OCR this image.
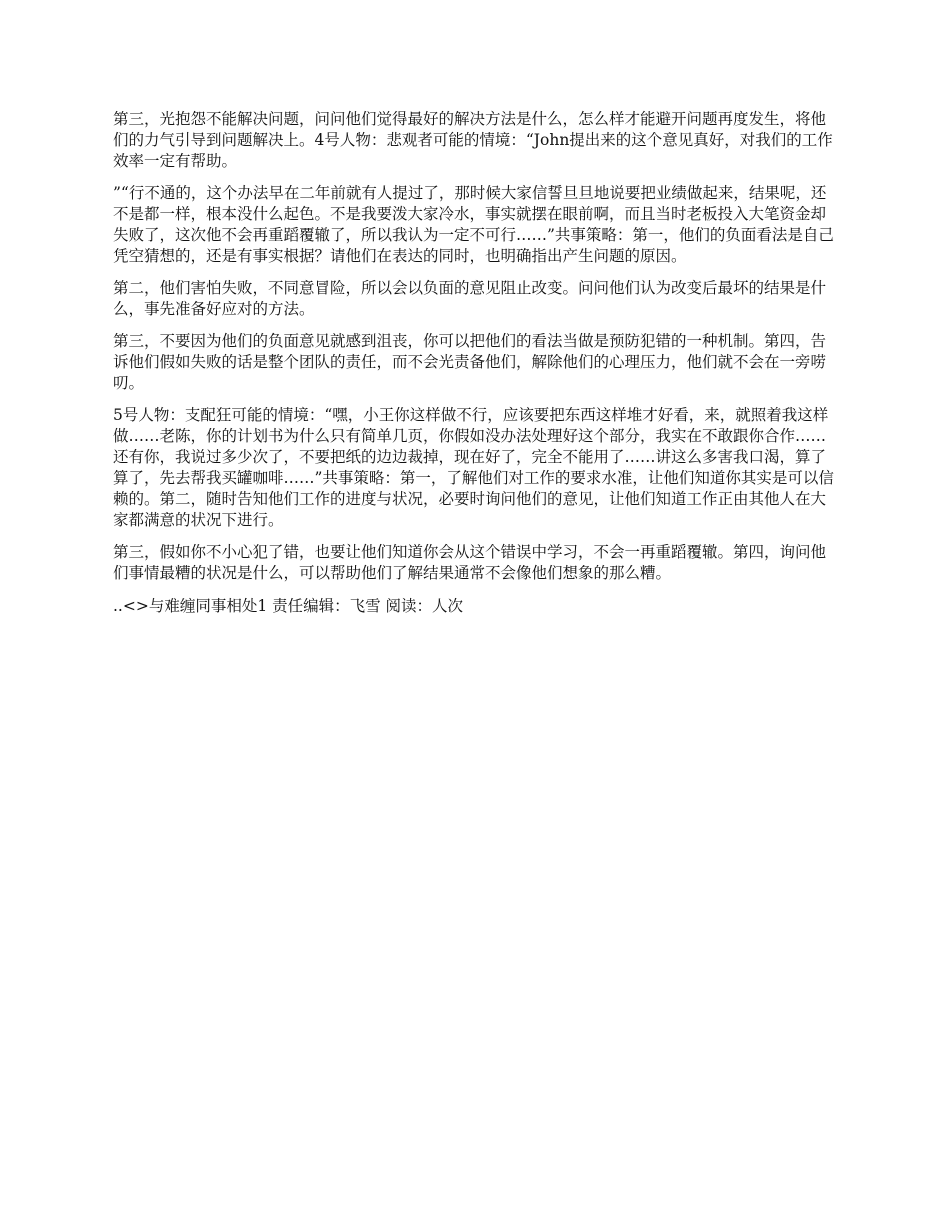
第三，光抱怨不能解决问题，问问他们觉得最好的解决方法是什么，怎么样才能避开问题再度发生，将他们的力气引导到问题解决上。4号人物：悲观者可能的情境：“John提出来的这个意见真好，对我们的工作效率一定有帮助。

”“行不通的，这个办法早在二年前就有人提过了，那时候大家信誓旦旦地说要把业绩做起来，结果呢，还不是都一样，根本没什么起色。不是我要泼大家冷水，事实就摆在眼前啊，而且当时老板投入大笔资金却失败了，这次他不会再重蹈覆辙了，所以我认为一定不可行……”共事策略：第一，他们的负面看法是自己凭空猜想的，还是有事实根据？请他们在表达的同时，也明确指出产生问题的原因。

第二，他们害怕失败，不同意冒险，所以会以负面的意见阻止改变。问问他们认为改变后最坏的结果是什么，事先准备好应对的方法。

第三，不要因为他们的负面意见就感到沮丧，你可以把他们的看法当做是预防犯错的一种机制。第四，告诉他们假如失败的话是整个团队的责任，而不会光责备他们，解除他们的心理压力，他们就不会在一旁唠叨。

5号人物：支配狂可能的情境：“嘿，小王你这样做不行，应该要把东西这样堆才好看，来，就照着我这样做……老陈，你的计划书为什么只有简单几页，你假如没办法处理好这个部分，我实在不敢跟你合作……还有你，我说过多少次了，不要把纸的边边裁掉，现在好了，完全不能用了……讲这么多害我口渴，算了算了，先去帮我买罐咖啡……”共事策略：第一，了解他们对工作的要求水准，让他们知道你其实是可以信赖的。第二，随时告知他们工作的进度与状况，必要时询问他们的意见，让他们知道工作正由其他人在大家都满意的状况下进行。

第三，假如你不小心犯了错，也要让他们知道你会从这个错误中学习，不会一再重蹈覆辙。第四，询问他们事情最糟的状况是什么，可以帮助他们了解结果通常不会像他们想象的那么糟。

..<>与难缠同事相处1 责任编辑：飞雪 阅读：人次
